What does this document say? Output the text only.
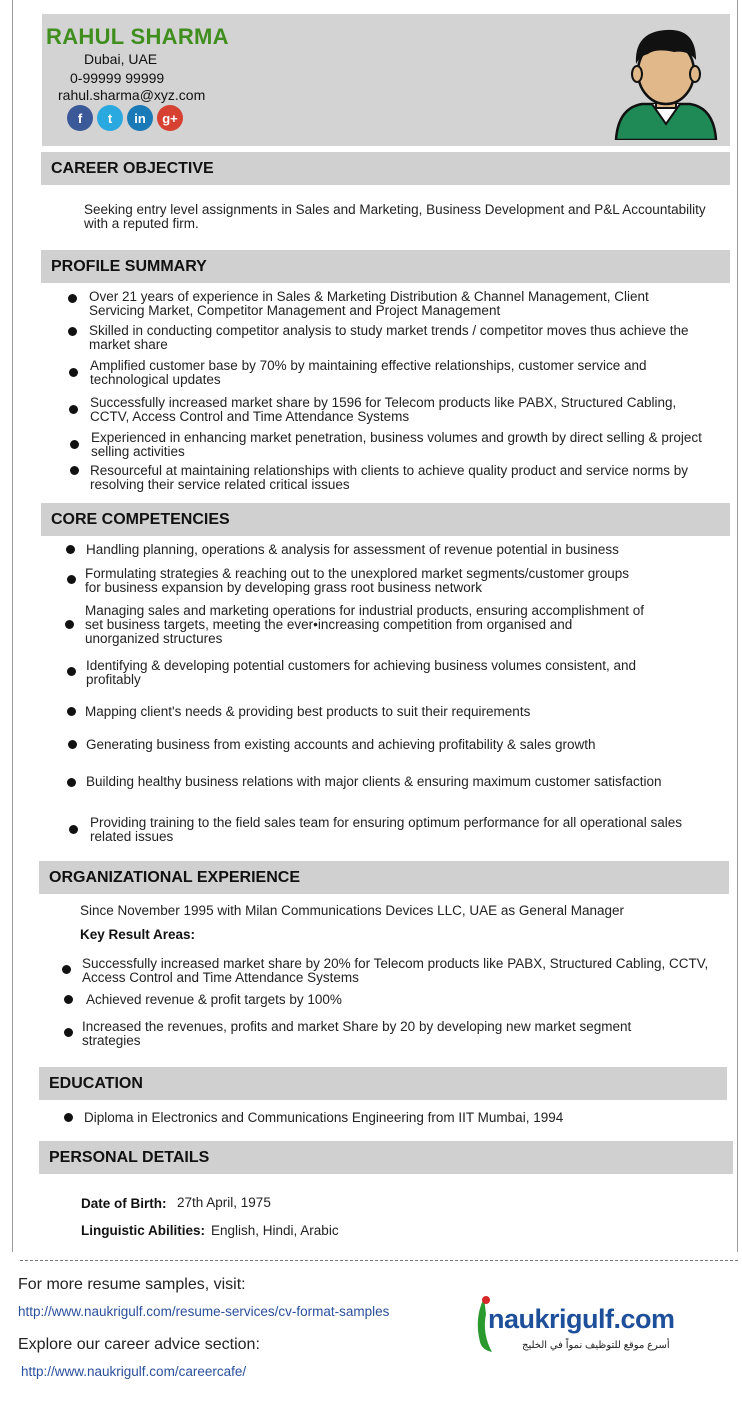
RAHUL SHARMA
Dubai, UAE
0-99999 99999
rahul.sharma@xyz.com
f	t	in	g+
CAREER OBJECTIVE
Seeking entry level assignments in Sales and Marketing, Business Development and P&L Accountability with a reputed firm.
PROFILE SUMMARY
Over 21 years of experience in Sales & Marketing Distribution & Channel Management, Client Servicing Market, Competitor Management and Project Management
Skilled in conducting competitor analysis to study market trends / competitor moves thus achieve the market share
Amplified customer base by 70% by maintaining effective relationships, customer service and technological updates
Successfully increased market share by 1596 for Telecom products like PABX, Structured Cabling, CCTV, Access Control and Time Attendance Systems
Experienced in enhancing market penetration, business volumes and growth by direct selling & project selling activities
Resourceful at maintaining relationships with clients to achieve quality product and service norms by resolving their service related critical issues
CORE COMPETENCIES
Handling planning, operations & analysis for assessment of revenue potential in business
Formulating strategies & reaching out to the unexplored market segments/customer groups for business expansion by developing grass root business network
Managing sales and marketing operations for industrial products, ensuring accomplishment of set business targets, meeting the ever•increasing competition from organised and unorganized structures
Identifying & developing potential customers for achieving business volumes consistent, and profitably
Mapping client's needs & providing best products to suit their requirements
Generating business from existing accounts and achieving profitability & sales growth
Building healthy business relations with major clients & ensuring maximum customer satisfaction
Providing training to the field sales team for ensuring optimum performance for all operational sales related issues
ORGANIZATIONAL EXPERIENCE
Since November 1995 with Milan Communications Devices LLC, UAE as General Manager
Key Result Areas:
Successfully increased market share by 20% for Telecom products like PABX, Structured Cabling, CCTV, Access Control and Time Attendance Systems
Achieved revenue & profit targets by 100%
Increased the revenues, profits and market Share by 20 by developing new market segment strategies
EDUCATION
Diploma in Electronics and Communications Engineering from IIT Mumbai, 1994
PERSONAL DETAILS
Date of Birth: 27th April, 1975
Linguistic Abilities: English, Hindi, Arabic
For more resume samples, visit:
http://www.naukrigulf.com/resume-services/cv-format-samples
Explore our career advice section:
http://www.naukrigulf.com/careercafe/
naukrigulf.com
أسرع موقع للتوظيف نمواً في الخليج
